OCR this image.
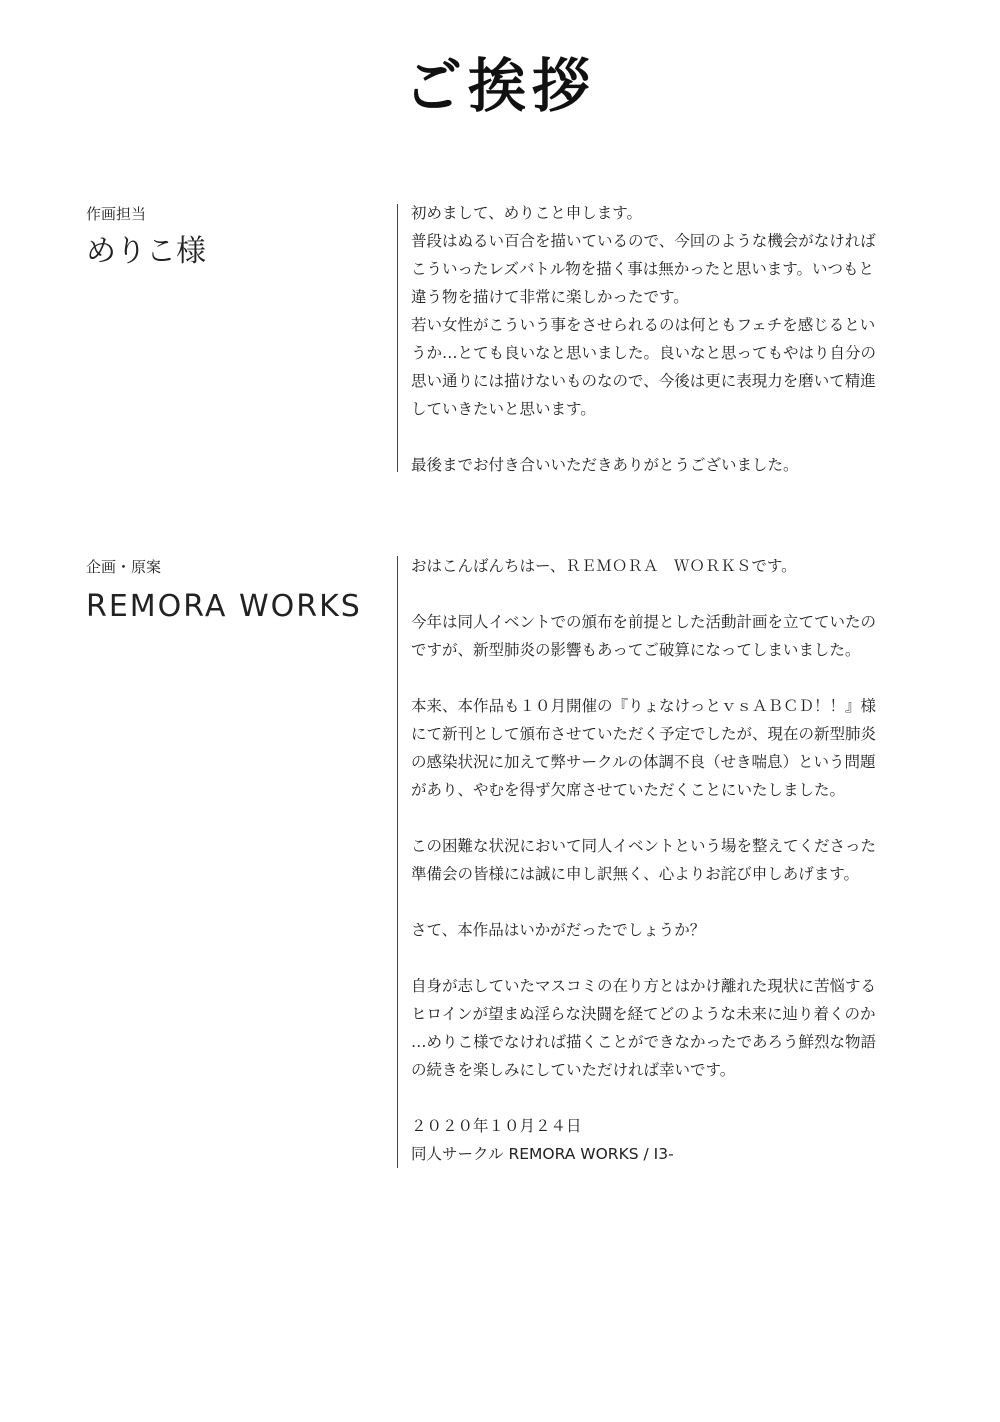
ご挨拶
作画担当
めりこ様
初めまして、めりこと申します。
普段はぬるい百合を描いているので、今回のような機会がなければ
こういったレズバトル物を描く事は無かったと思います。いつもと
違う物を描けて非常に楽しかったです。
若い女性がこういう事をさせられるのは何ともフェチを感じるとい
うか…とても良いなと思いました。良いなと思ってもやはり自分の
思い通りには描けないものなので、今後は更に表現力を磨いて精進
していきたいと思います。
最後までお付き合いいただきありがとうございました。
企画・原案
REMORA WORKS
おはこんばんちはー、ＲＥＭＯＲＡ　ＷＯＲＫＳです。
今年は同人イベントでの頒布を前提とした活動計画を立てていたの
ですが、新型肺炎の影響もあってご破算になってしまいました。
本来、本作品も１０月開催の『りょなけっとｖｓＡＢＣＤ！！』様
にて新刊として頒布させていただく予定でしたが、現在の新型肺炎
の感染状況に加えて弊サークルの体調不良（せき喘息）という問題
があり、やむを得ず欠席させていただくことにいたしました。
この困難な状況において同人イベントという場を整えてくださった
準備会の皆様には誠に申し訳無く、心よりお詫び申しあげます。
さて、本作品はいかがだったでしょうか？
自身が志していたマスコミの在り方とはかけ離れた現状に苦悩する
ヒロインが望まぬ淫らな決闘を経てどのような未来に辿り着くのか
…めりこ様でなければ描くことができなかったであろう鮮烈な物語
の続きを楽しみにしていただければ幸いです。
２０２０年１０月２４日
同人サークル REMORA WORKS / I3-
